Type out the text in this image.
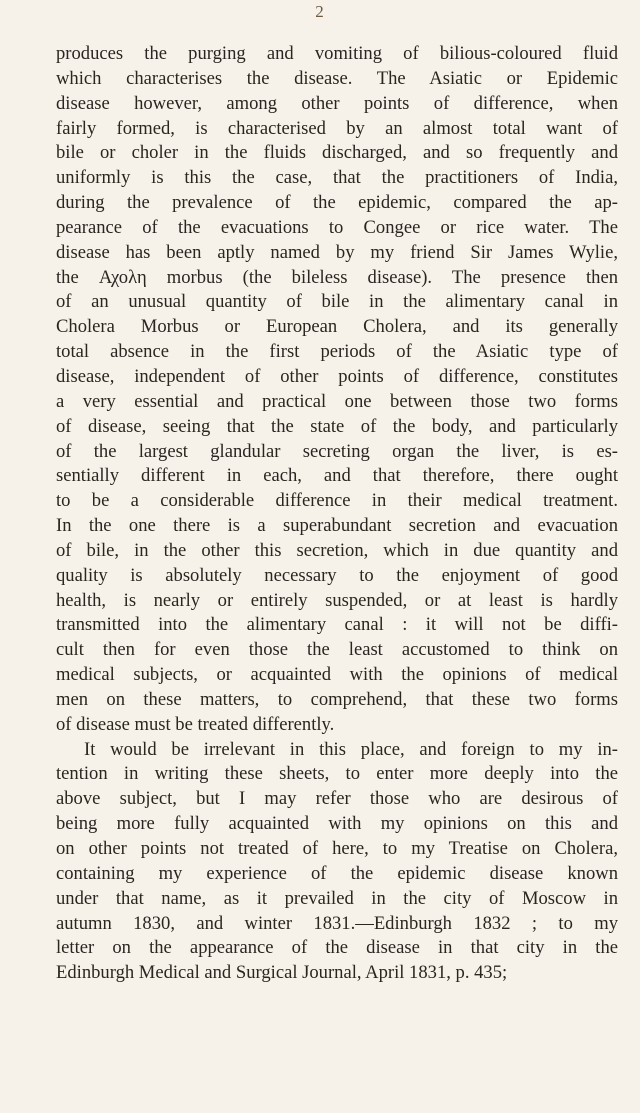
2
produces the purging and vomiting of bilious-coloured fluid
which characterises the disease. The Asiatic or Epidemic
disease however, among other points of difference, when
fairly formed, is characterised by an almost total want of
bile or choler in the fluids discharged, and so frequently and
uniformly is this the case, that the practitioners of India,
during the prevalence of the epidemic, compared the ap-
pearance of the evacuations to Congee or rice water. The
disease has been aptly named by my friend Sir James Wylie,
the Αχολη morbus (the bileless disease). The presence then
of an unusual quantity of bile in the alimentary canal in
Cholera Morbus or European Cholera, and its generally
total absence in the first periods of the Asiatic type of
disease, independent of other points of difference, constitutes
a very essential and practical one between those two forms
of disease, seeing that the state of the body, and particularly
of the largest glandular secreting organ the liver, is es-
sentially different in each, and that therefore, there ought
to be a considerable difference in their medical treatment.
In the one there is a superabundant secretion and evacuation
of bile, in the other this secretion, which in due quantity and
quality is absolutely necessary to the enjoyment of good
health, is nearly or entirely suspended, or at least is hardly
transmitted into the alimentary canal : it will not be diffi-
cult then for even those the least accustomed to think on
medical subjects, or acquainted with the opinions of medical
men on these matters, to comprehend, that these two forms
of disease must be treated differently.
It would be irrelevant in this place, and foreign to my in-
tention in writing these sheets, to enter more deeply into the
above subject, but I may refer those who are desirous of
being more fully acquainted with my opinions on this and
on other points not treated of here, to my Treatise on Cholera,
containing my experience of the epidemic disease known
under that name, as it prevailed in the city of Moscow in
autumn 1830, and winter 1831.—Edinburgh 1832 ; to my
letter on the appearance of the disease in that city in the
Edinburgh Medical and Surgical Journal, April 1831, p. 435;
